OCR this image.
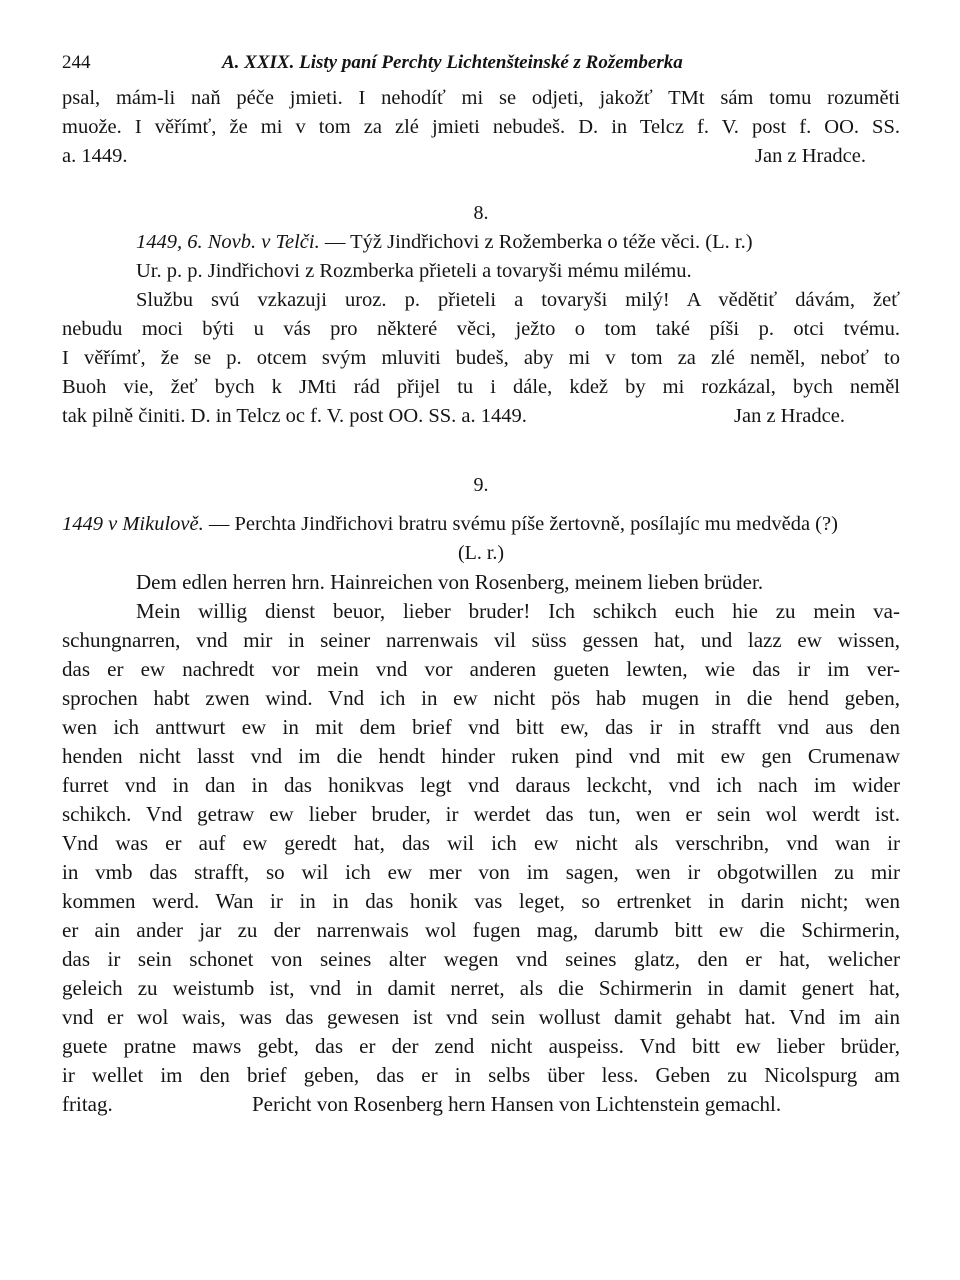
244	A. XXIX. Listy paní Perchty Lichtenšteinské z Rožemberka
psal, mám-li naň péče jmieti. I nehodíť mi se odjeti, jakožť TMt sám tomu rozuměti
muože. I věřímť, že mi v tom za zlé jmieti nebudeš. D. in Telcz f. V. post f. OO. SS.
a. 1449.	Jan z Hradce.
8.
1449, 6. Novb. v Telči. — Týž Jindřichovi z Rožemberka o téže věci. (L. r.)
Ur. p. p. Jindřichovi z Rozmberka přieteli a tovaryši mému milému.
Službu svú vzkazuji uroz. p. přieteli a tovaryši milý! A vědětiť dávám, žeť
nebudu moci býti u vás pro některé věci, ježto o tom také píši p. otci tvému.
I věřímť, že se p. otcem svým mluviti budeš, aby mi v tom za zlé neměl, neboť to
Buoh vie, žeť bych k JMti rád přijel tu i dále, kdež by mi rozkázal, bych neměl
tak pilně činiti. D. in Telcz oc f. V. post OO. SS. a. 1449.	Jan z Hradce.
9.
1449 v Mikulově. — Perchta Jindřichovi bratru svému píše žertovně, posílajíc mu medvěda (?)
(L. r.)
Dem edlen herren hrn. Hainreichen von Rosenberg, meinem lieben brüder.
Mein willig dienst beuor, lieber bruder! Ich schikch euch hie zu mein va-
schungnarren, vnd mir in seiner narrenwais vil süss gessen hat, und lazz ew wissen,
das er ew nachredt vor mein vnd vor anderen gueten lewten, wie das ir im ver-
sprochen habt zwen wind. Vnd ich in ew nicht pös hab mugen in die hend geben,
wen ich anttwurt ew in mit dem brief vnd bitt ew, das ir in strafft vnd aus den
henden nicht lasst vnd im die hendt hinder ruken pind vnd mit ew gen Crumenaw
furret vnd in dan in das honikvas legt vnd daraus leckcht, vnd ich nach im wider
schikch. Vnd getraw ew lieber bruder, ir werdet das tun, wen er sein wol werdt ist.
Vnd was er auf ew geredt hat, das wil ich ew nicht als verschribn, vnd wan ir
in vmb das strafft, so wil ich ew mer von im sagen, wen ir obgotwillen zu mir
kommen werd. Wan ir in in das honik vas leget, so ertrenket in darin nicht; wen
er ain ander jar zu der narrenwais wol fugen mag, darumb bitt ew die Schirmerin,
das ir sein schonet von seines alter wegen vnd seines glatz, den er hat, welicher
geleich zu weistumb ist, vnd in damit nerret, als die Schirmerin in damit genert hat,
vnd er wol wais, was das gewesen ist vnd sein wollust damit gehabt hat. Vnd im ain
guete pratne maws gebt, das er der zend nicht auspeiss. Vnd bitt ew lieber brüder,
ir wellet im den brief geben, das er in selbs über less. Geben zu Nicolspurg am
fritag.	Pericht von Rosenberg hern Hansen von Lichtenstein gemachl.
